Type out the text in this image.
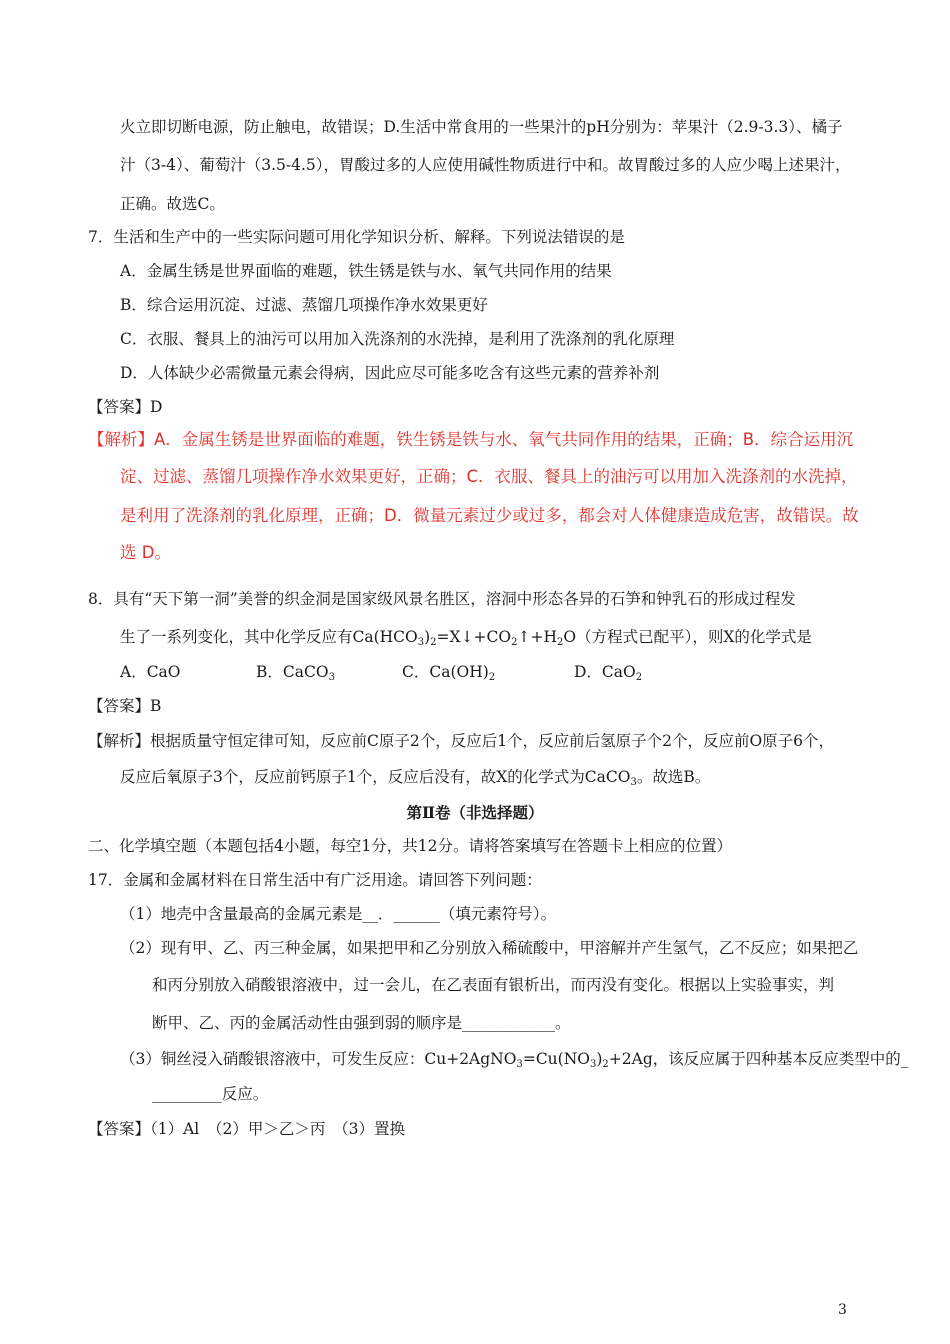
火立即切断电源，防止触电，故错误；D.生活中常食用的一些果汁的pH分别为：苹果汁（2.9-3.3）、橘子
汁（3-4）、葡萄汁（3.5-4.5），胃酸过多的人应使用碱性物质进行中和。故胃酸过多的人应少喝上述果汁，
正确。故选C。
7．生活和生产中的一些实际问题可用化学知识分析、解释。下列说法错误的是
A．金属生锈是世界面临的难题，铁生锈是铁与水、氧气共同作用的结果
B．综合运用沉淀、过滤、蒸馏几项操作净水效果更好
C．衣服、餐具上的油污可以用加入洗涤剂的水洗掉，是利用了洗涤剂的乳化原理
D．人体缺少必需微量元素会得病，因此应尽可能多吃含有这些元素的营养补剂
【答案】D
【解析】A．金属生锈是世界面临的难题，铁生锈是铁与水、氧气共同作用的结果，正确；B．综合运用沉
淀、过滤、蒸馏几项操作净水效果更好，正确；C．衣服、餐具上的油污可以用加入洗涤剂的水洗掉，
是利用了洗涤剂的乳化原理，正确；D．微量元素过少或过多，都会对人体健康造成危害，故错误。故
选 D。
8．具有“天下第一洞”美誉的织金洞是国家级风景名胜区，溶洞中形态各异的石笋和钟乳石的形成过程发
生了一系列变化，其中化学反应有$Ca(HCO_3)_2=X↓+CO_2↑+H_2O$（方程式已配平），则X的化学式是
A．CaO	B．CaCO$_3$	C．$Ca(OH)_2$	D．CaO$_2$
【答案】B
【解析】根据质量守恒定律可知，反应前C原子2个，反应后1个，反应前后氢原子个2个，反应前O原子6个，
反应后氧原子3个，反应前钙原子1个，反应后没有，故X的化学式为CaCO$_3$。故选B。
第Ⅱ卷（非选择题）
二、化学填空题（本题包括4小题，每空1分，共12分。请将答案填写在答题卡上相应的位置）
17．金属和金属材料在日常生活中有广泛用途。请回答下列问题：
（1）地壳中含量最高的金属元素是__．______（填元素符号）。
（2）现有甲、乙、丙三种金属，如果把甲和乙分别放入稀硫酸中，甲溶解并产生氢气，乙不反应；如果把乙
和丙分别放入硝酸银溶液中，过一会儿，在乙表面有银析出，而丙没有变化。根据以上实验事实，判
断甲、乙、丙的金属活动性由强到弱的顺序是____________。
（3）铜丝浸入硝酸银溶液中，可发生反应：$Cu+2AgNO_3=Cu(NO_3)_2+2Ag$，该反应属于四种基本反应类型中的_
_________反应。
【答案】（1）Al　（2）甲＞乙＞丙　（3）置换
3
